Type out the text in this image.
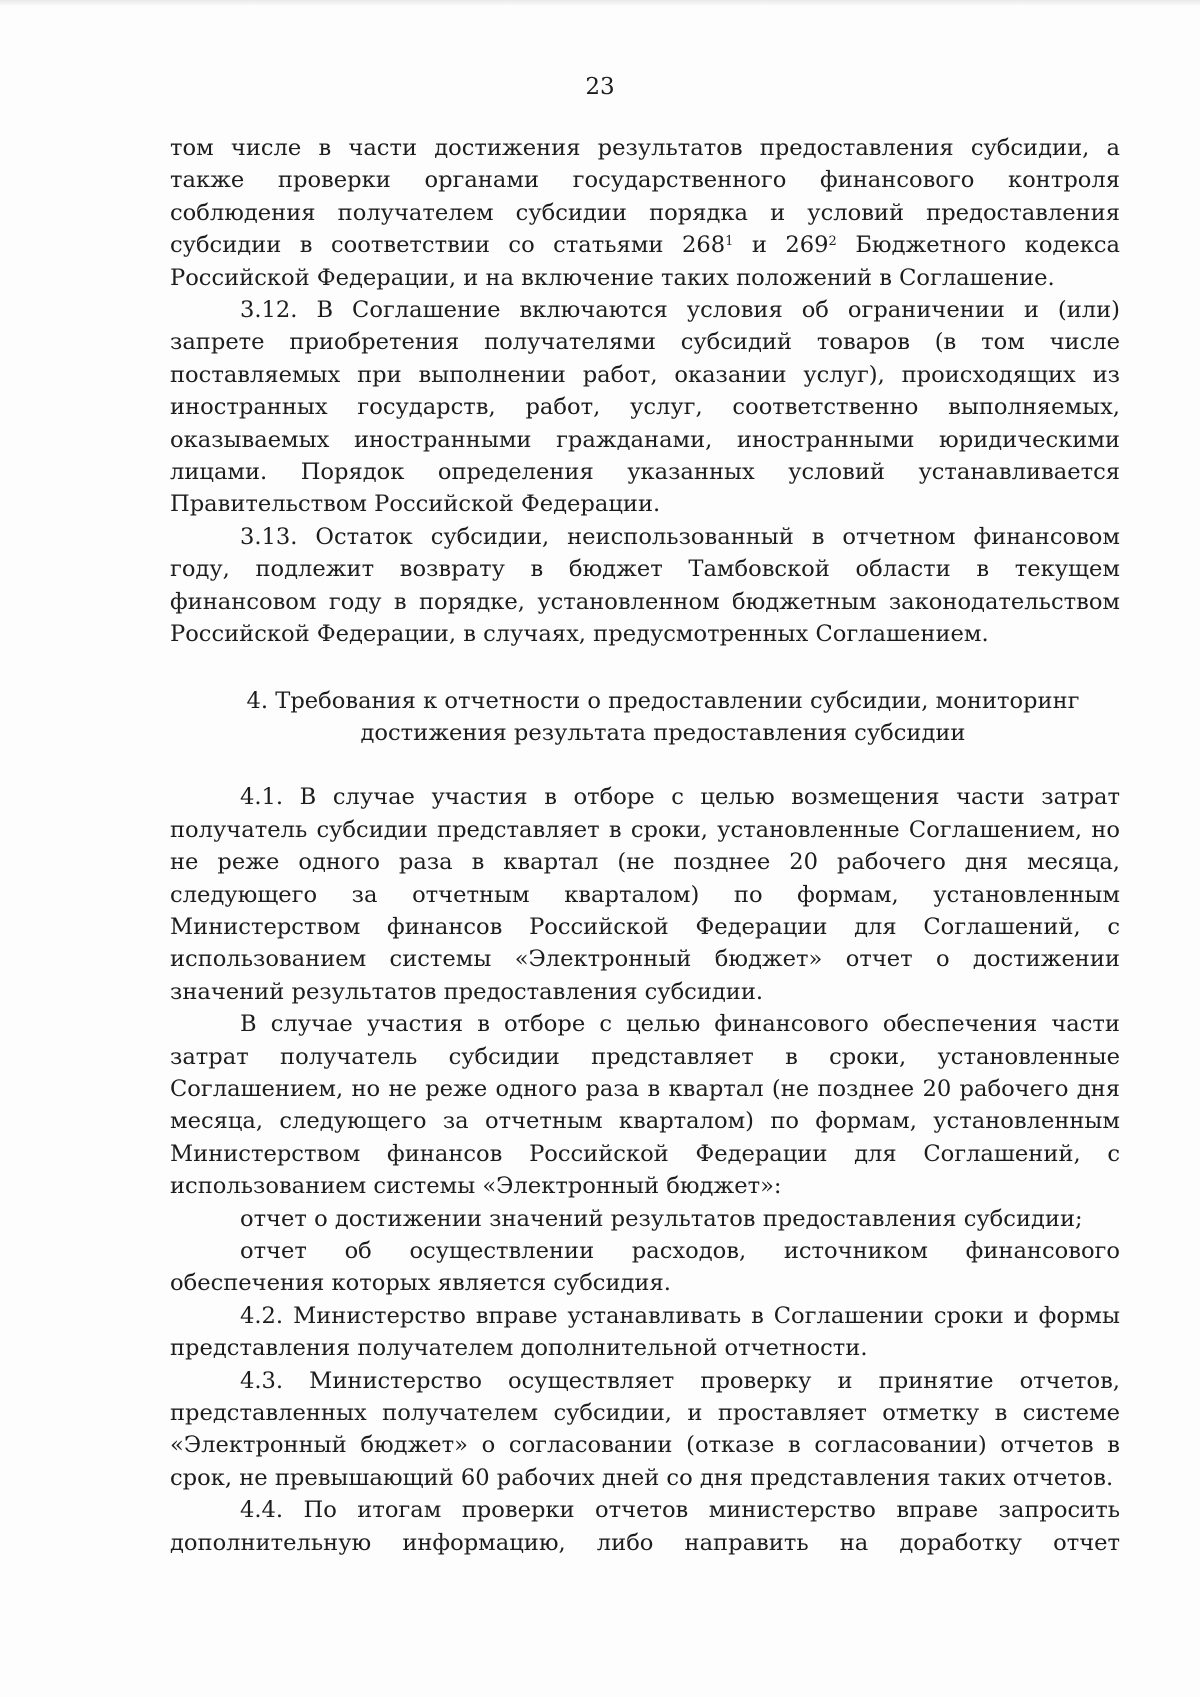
23

том числе в части достижения результатов предоставления субсидии, а также проверки органами государственного финансового контроля соблюдения получателем субсидии порядка и условий предоставления субсидии в соответствии со статьями $268^1$ и $269^2$ Бюджетного кодекса Российской Федерации, и на включение таких положений в Соглашение.

3.12. В Соглашение включаются условия об ограничении и (или) запрете приобретения получателями субсидий товаров (в том числе поставляемых при выполнении работ, оказании услуг), происходящих из иностранных государств, работ, услуг, соответственно выполняемых, оказываемых иностранными гражданами, иностранными юридическими лицами. Порядок определения указанных условий устанавливается Правительством Российской Федерации.

3.13. Остаток субсидии, неиспользованный в отчетном финансовом году, подлежит возврату в бюджет Тамбовской области в текущем финансовом году в порядке, установленном бюджетным законодательством Российской Федерации, в случаях, предусмотренных Соглашением.

4. Требования к отчетности о предоставлении субсидии, мониторинг
достижения результата предоставления субсидии

4.1. В случае участия в отборе с целью возмещения части затрат получатель субсидии представляет в сроки, установленные Соглашением, но не реже одного раза в квартал (не позднее 20 рабочего дня месяца, следующего за отчетным кварталом) по формам, установленным Министерством финансов Российской Федерации для Соглашений, с использованием системы «Электронный бюджет» отчет о достижении значений результатов предоставления субсидии.

В случае участия в отборе с целью финансового обеспечения части затрат получатель субсидии представляет в сроки, установленные Соглашением, но не реже одного раза в квартал (не позднее 20 рабочего дня месяца, следующего за отчетным кварталом) по формам, установленным Министерством финансов Российской Федерации для Соглашений, с использованием системы «Электронный бюджет»:

отчет о достижении значений результатов предоставления субсидии;

отчет об осуществлении расходов, источником финансового обеспечения которых является субсидия.

4.2. Министерство вправе устанавливать в Соглашении сроки и формы представления получателем дополнительной отчетности.

4.3. Министерство осуществляет проверку и принятие отчетов, представленных получателем субсидии, и проставляет отметку в системе «Электронный бюджет» о согласовании (отказе в согласовании) отчетов в срок, не превышающий 60 рабочих дней со дня представления таких отчетов.

4.4. По итогам проверки отчетов министерство вправе запросить дополнительную информацию, либо направить на доработку отчет
